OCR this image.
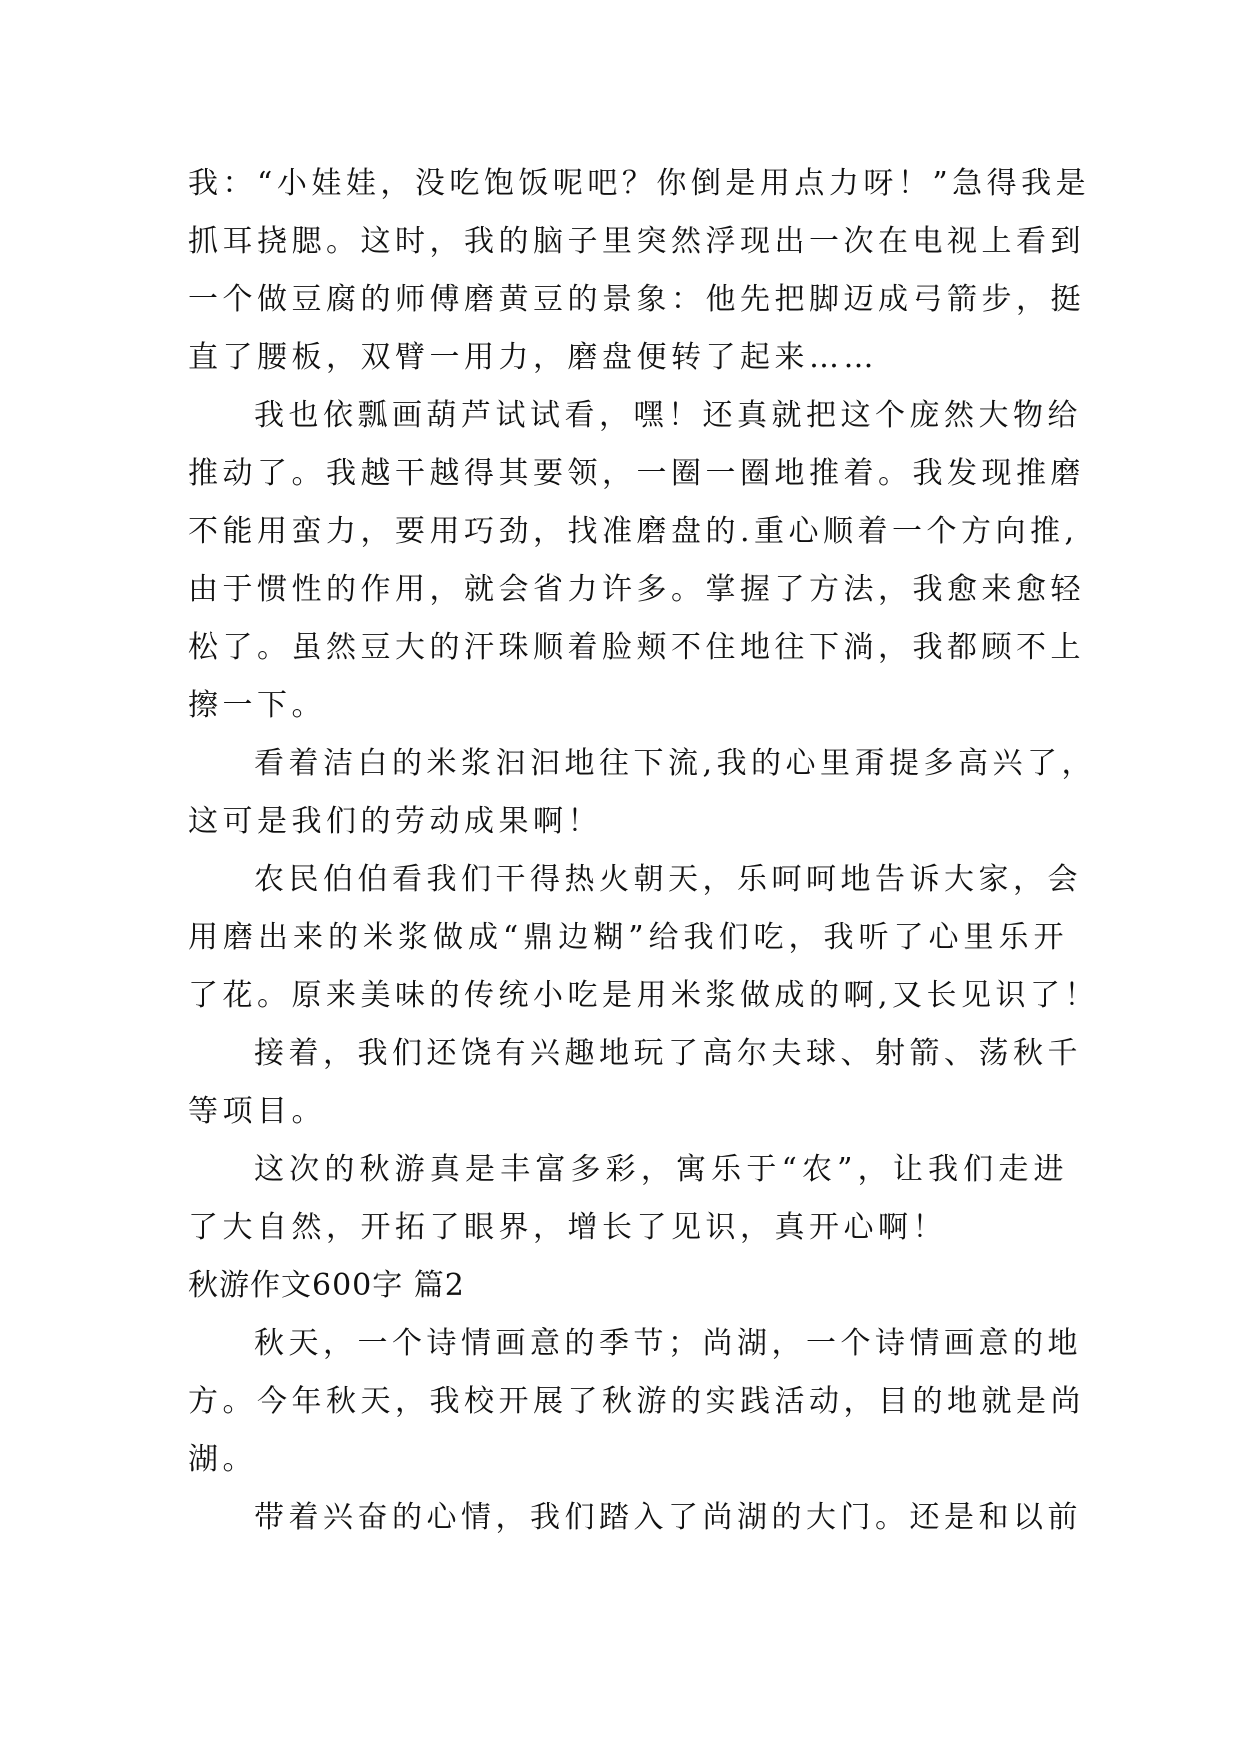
我：“小娃娃，没吃饱饭呢吧？你倒是用点力呀！”急得我是
抓耳挠腮。这时，我的脑子里突然浮现出一次在电视上看到
一个做豆腐的师傅磨黄豆的景象：他先把脚迈成弓箭步，挺
直了腰板，双臂一用力，磨盘便转了起来……
我也依瓢画葫芦试试看，嘿！还真就把这个庞然大物给
推动了。我越干越得其要领，一圈一圈地推着。我发现推磨
不能用蛮力，要用巧劲，找准磨盘的.重心顺着一个方向推,
由于惯性的作用，就会省力许多。掌握了方法，我愈来愈轻
松了。虽然豆大的汗珠顺着脸颊不住地往下淌，我都顾不上
擦一下。
看着洁白的米浆汩汩地往下流,我的心里甭提多高兴了，
这可是我们的劳动成果啊！
农民伯伯看我们干得热火朝天，乐呵呵地告诉大家，会
用磨出来的米浆做成“鼎边糊”给我们吃，我听了心里乐开
了花。原来美味的传统小吃是用米浆做成的啊,又长见识了！
接着，我们还饶有兴趣地玩了高尔夫球、射箭、荡秋千
等项目。
这次的秋游真是丰富多彩，寓乐于“农”，让我们走进
了大自然，开拓了眼界，增长了见识，真开心啊！
秋游作文600字 篇2
秋天，一个诗情画意的季节；尚湖，一个诗情画意的地
方。今年秋天，我校开展了秋游的实践活动，目的地就是尚
湖。
带着兴奋的心情，我们踏入了尚湖的大门。还是和以前
